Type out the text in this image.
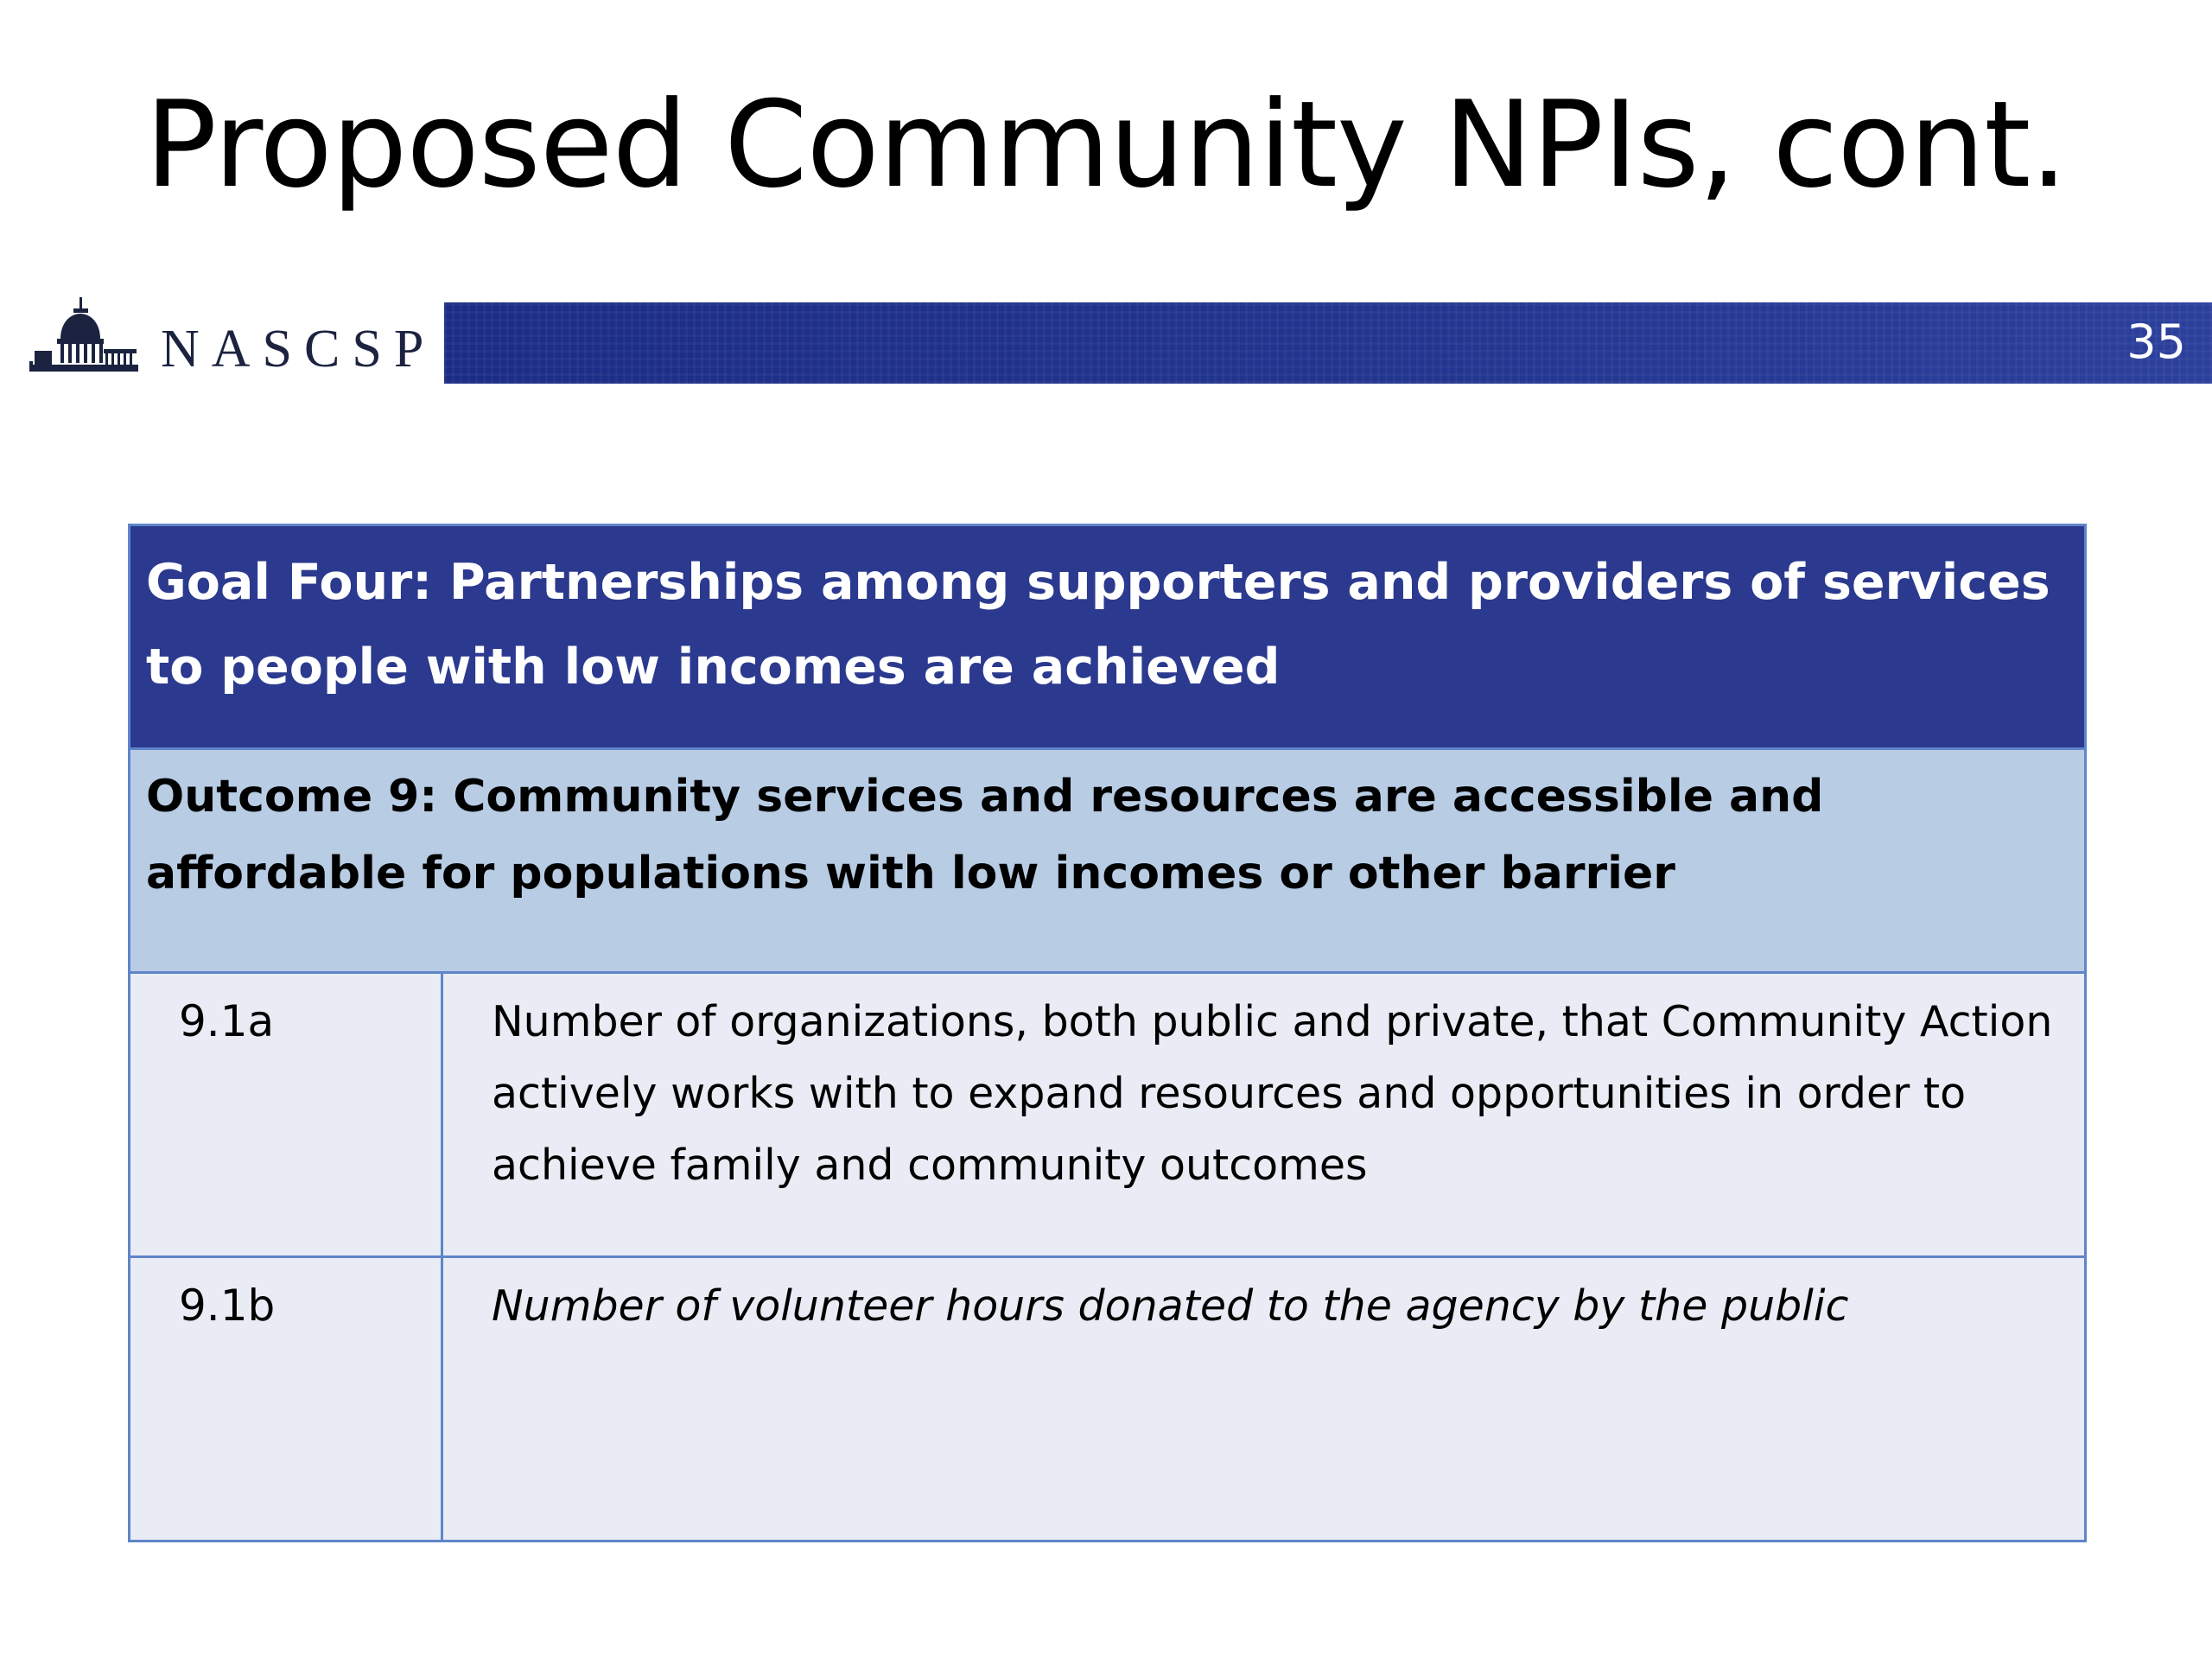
Proposed Community NPIs, cont.
NASCSP	35
Goal Four: Partnerships among supporters and providers of services to people with low incomes are achieved	

Outcome 9: Community services and resources are accessible and affordable for populations with low incomes or other barrier	

9.1a	Number of organizations, both public and private, that Community Action actively works with to expand resources and opportunities in order to achieve family and community outcomes

9.1b	Number of volunteer hours donated to the agency by the public
